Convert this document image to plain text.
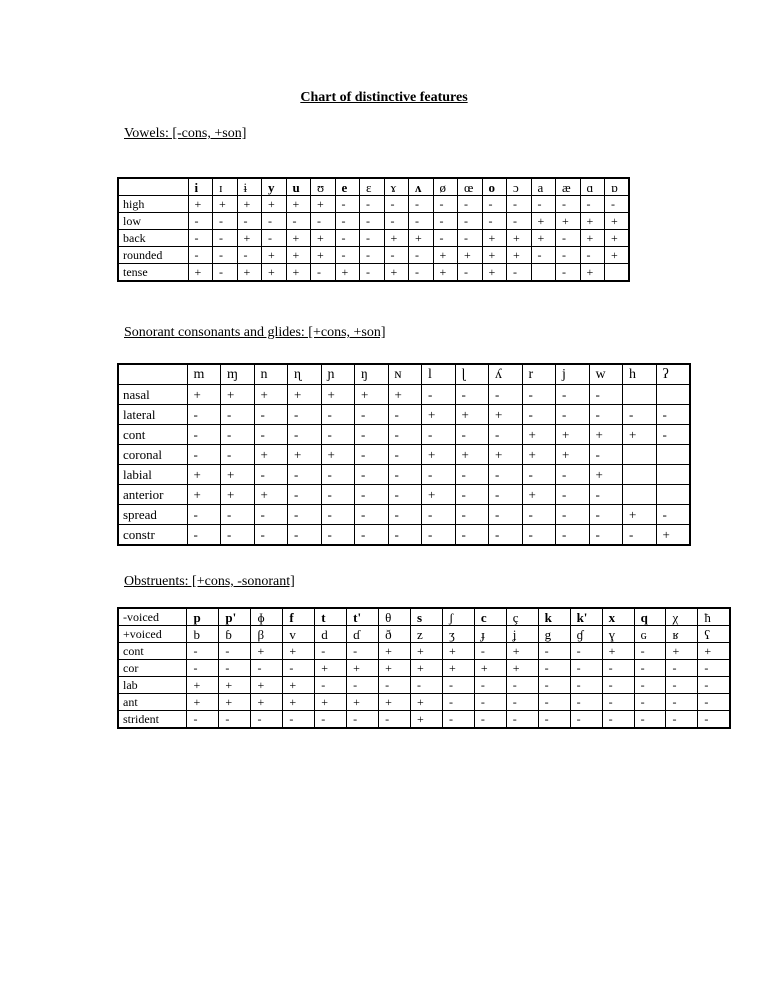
Chart of distinctive features
Vowels: [-cons, +son]
	i	ɪ	ɨ	y	u	ʊ	e	ɛ	ɤ	ʌ	ø	œ	o	ɔ	a	æ	ɑ	ɒ
high	+	+	+	+	+	+	-	-	-	-	-	-	-	-	-	-	-	-
low	-	-	-	-	-	-	-	-	-	-	-	-	-	-	+	+	+	+
back	-	-	+	-	+	+	-	-	+	+	-	-	+	+	+	-	+	+
rounded	-	-	-	+	+	+	-	-	-	-	+	+	+	+	-	-	-	+
tense	+	-	+	+	+	-	+	-	+	-	+	-	+	-		-	+	
Sonorant consonants and glides: [+cons, +son]
	m	ɱ	n	ɳ	ɲ	ŋ	ɴ	l	ɭ	ʎ	r	j	w	h	ʔ
nasal	+	+	+	+	+	+	+	-	-	-	-	-	-		
lateral	-	-	-	-	-	-	-	+	+	+	-	-	-	-	-
cont	-	-	-	-	-	-	-	-	-	-	+	+	+	+	-
coronal	-	-	+	+	+	-	-	+	+	+	+	+	-		
labial	+	+	-	-	-	-	-	-	-	-	-	-	+		
anterior	+	+	+	-	-	-	-	+	-	-	+	-	-		
spread	-	-	-	-	-	-	-	-	-	-	-	-	-	+	-
constr	-	-	-	-	-	-	-	-	-	-	-	-	-	-	+
Obstruents: [+cons, -sonorant]
-voiced	p	p'	ɸ	f	t	t'	θ	s	ʃ	c	ç	k	k'	x	q	χ	ħ
+voiced	b	ɓ	β	v	d	ɗ	ð	z	ʒ	ɟ	ʝ	g	ɠ	ɣ	ɢ	ʁ	ʕ
cont	-	-	+	+	-	-	+	+	+	-	+	-	-	+	-	+	+
cor	-	-	-	-	+	+	+	+	+	+	+	-	-	-	-	-	-
lab	+	+	+	+	-	-	-	-	-	-	-	-	-	-	-	-	-
ant	+	+	+	+	+	+	+	+	-	-	-	-	-	-	-	-	-
strident	-	-	-	-	-	-	-	+	-	-	-	-	-	-	-	-	-
